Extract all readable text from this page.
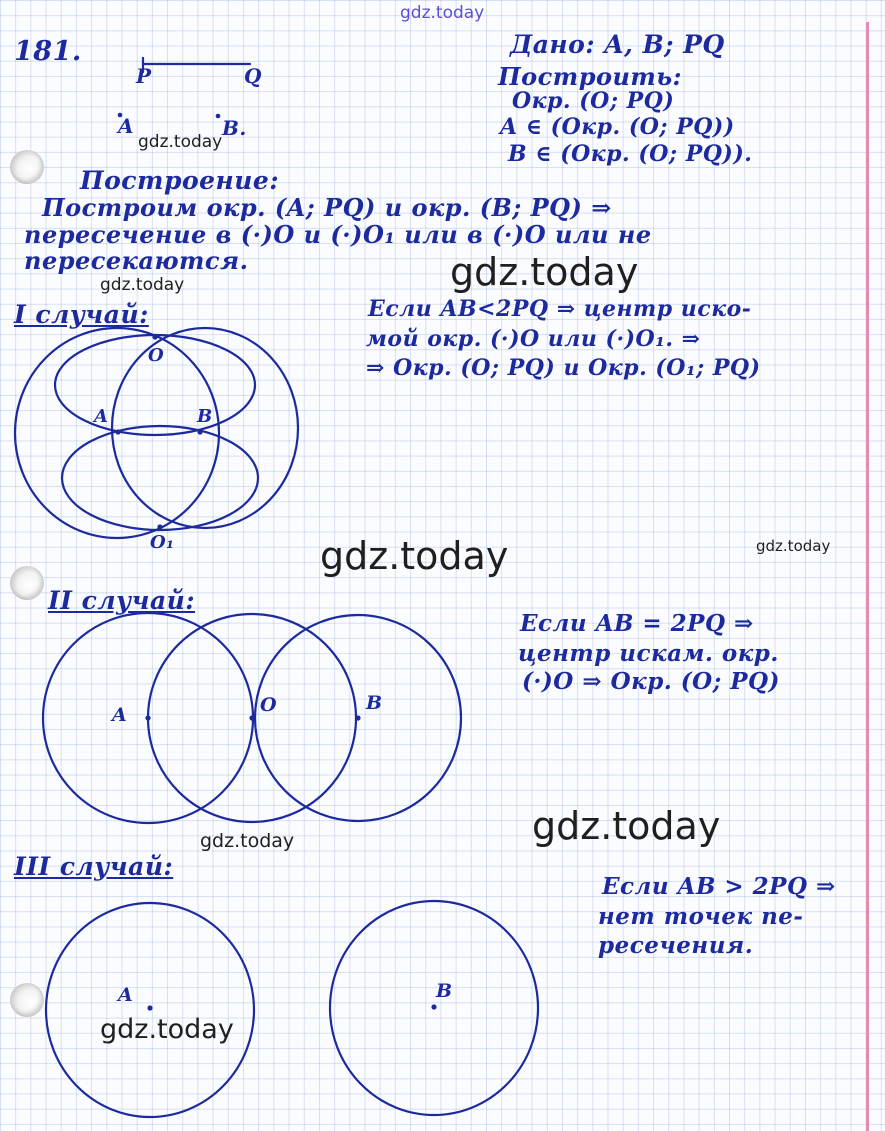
gdz.today
181.
P	Q
A	B.
Дано: A, B; PQ
Построить:
Окр. (O; PQ)
A ∈ (Окр. (O; PQ))
B ∈ (Окр. (O; PQ)).
Построение:
Построим окр. (A; PQ) и окр. (B; PQ) ⇒
пересечение в (·)O и (·)O₁ или в (·)O или не
пересекаются.
I случай:	Если AB<2PQ ⇒ центр иско-
мой окр. (·)O или (·)O₁. ⇒
⇒ Окр. (O; PQ) и Окр. (O₁; PQ)
O
A	B
O₁
II случай:
Если AB = 2PQ ⇒
центр искам. окр.
(·)O ⇒ Окр. (O; PQ)
A	O	B
III случай:
Если AB > 2PQ ⇒
нет точек пе-
ресечения.
A	B
gdz.today
gdz.today
gdz.today
gdz.today	gdz.today
gdz.today	gdz.today
gdz.today
